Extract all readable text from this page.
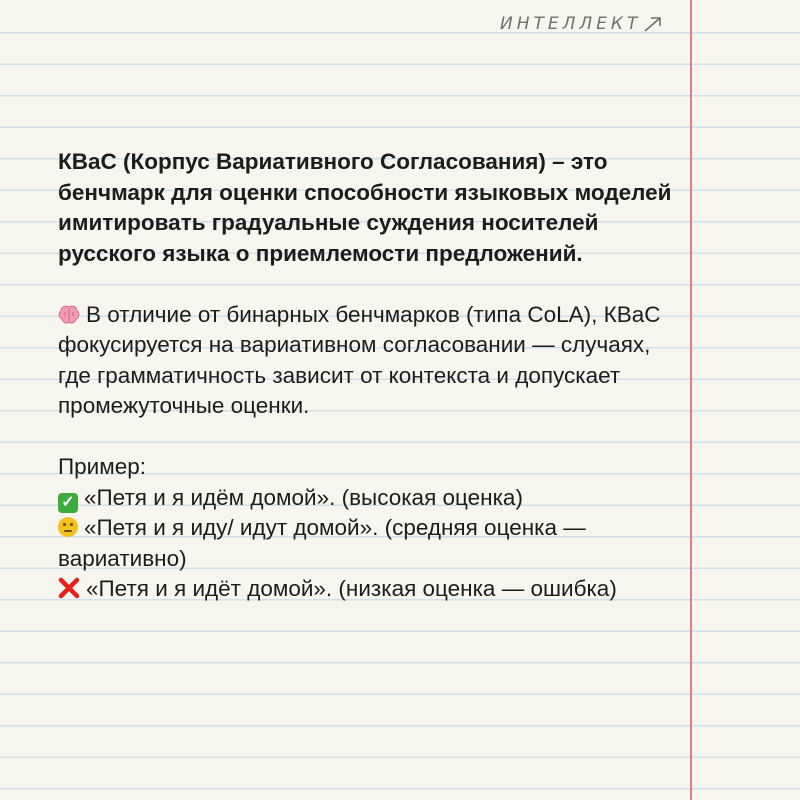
ИНТЕЛЛЕКТ

КВаС (Корпус Вариативного Согласования) – это бенчмарк для оценки способности языковых моделей имитировать градуальные суждения носителей русского языка о приемлемости предложений.

В отличие от бинарных бенчмарков (типа CoLA), КВаС фокусируется на вариативном согласовании — случаях, где грамматичность зависит от контекста и допускает промежуточные оценки.

Пример:

✓ «Петя и я идём домой». (высокая оценка)

«Петя и я иду/ идут домой». (средняя оценка — вариативно)

«Петя и я идёт домой». (низкая оценка — ошибка)
